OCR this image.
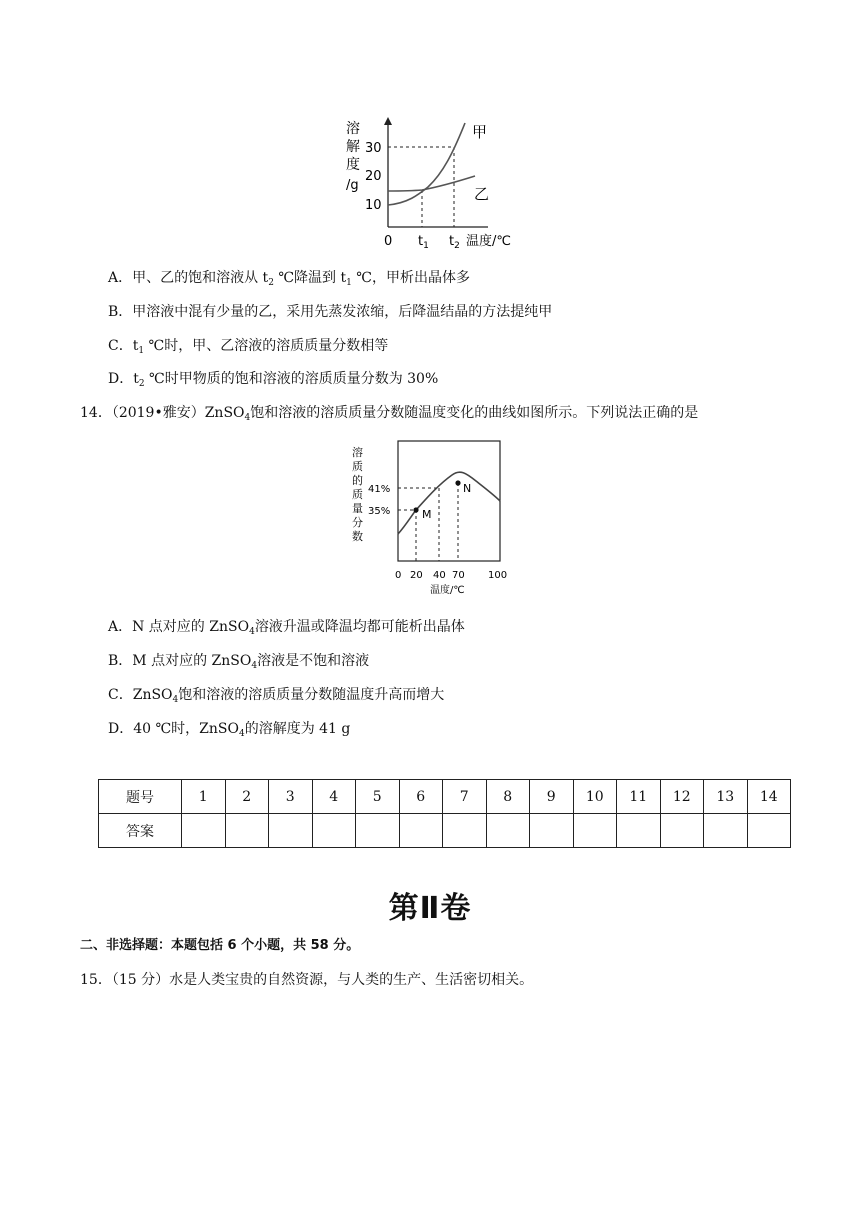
溶
解
度
/g
30
20
10
甲
乙
0 $t_1$ $t_2$ 温度/℃
A．甲、乙的饱和溶液从 $t_2$ ℃降温到 $t_1$ ℃，甲析出晶体多
B．甲溶液中混有少量的乙，采用先蒸发浓缩，后降温结晶的方法提纯甲
C．$t_1$ ℃时，甲、乙溶液的溶质质量分数相等
D．$t_2$ ℃时甲物质的饱和溶液的溶质质量分数为 30%
14．（2019•雅安）ZnSO$_4$饱和溶液的溶质质量分数随温度变化的曲线如图所示。下列说法正确的是
溶
质
的
质
量
分
数
41%
35%	M
N
0 20 40 70 100
温度/℃
A．N 点对应的 ZnSO$_4$溶液升温或降温均都可能析出晶体
B．M 点对应的 ZnSO$_4$溶液是不饱和溶液
C．ZnSO$_4$饱和溶液的溶质质量分数随温度升高而增大
D．40 ℃时，ZnSO$_4$的溶解度为 41 g
题号	1	2	3	4	5	6	7	8	9	10	11	12	13	14
答案														
第Ⅱ卷
二、非选择题：本题包括 6 个小题，共 58 分。
15．（15 分）水是人类宝贵的自然资源，与人类的生产、生活密切相关。
